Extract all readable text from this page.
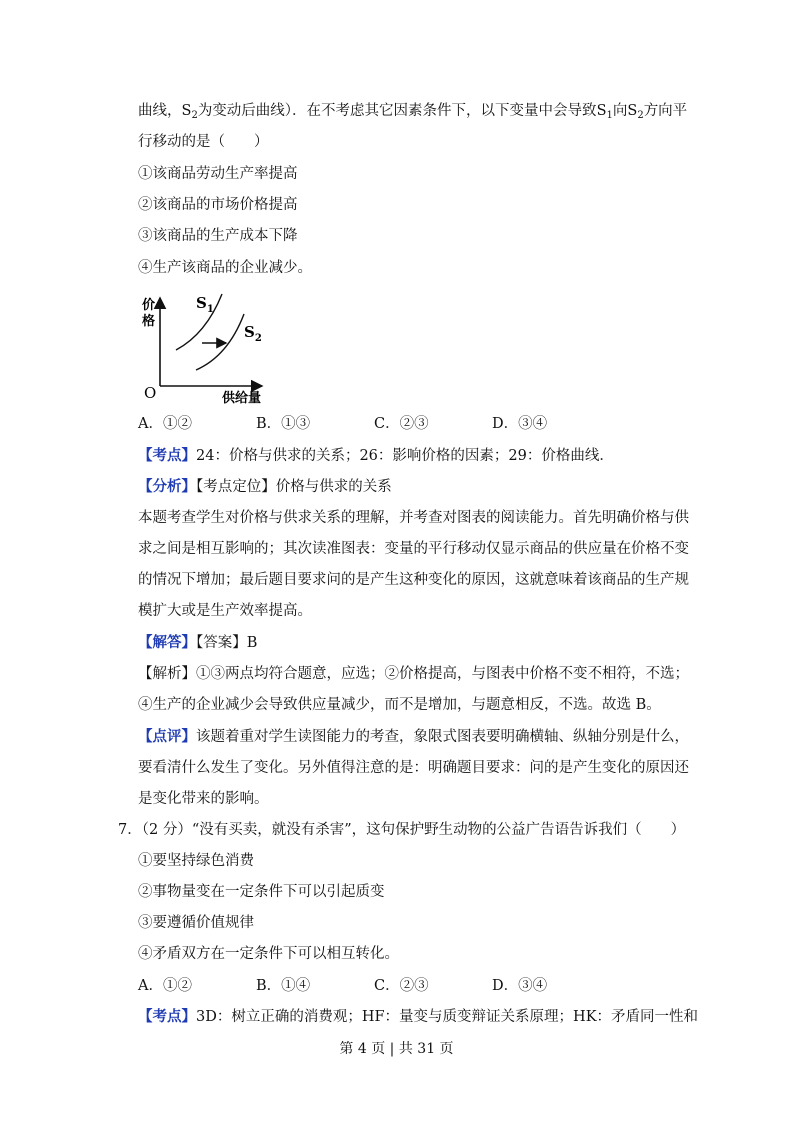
曲线，$S_2$为变动后曲线）．在不考虑其它因素条件下，以下变量中会导致$S_1$向$S_2$方向平
行移动的是（　　）
①该商品劳动生产率提高
②该商品的市场价格提高
③该商品的生产成本下降
④生产该商品的企业减少。
价
格
O	供给量
$S_1$
$S_2$
A．①②	B．①③	C．②③	D．③④
【考点】24：价格与供求的关系；26：影响价格的因素；29：价格曲线．
【分析】【考点定位】价格与供求的关系
本题考查学生对价格与供求关系的理解，并考查对图表的阅读能力。首先明确价格与供
求之间是相互影响的；其次读准图表：变量的平行移动仅显示商品的供应量在价格不变
的情况下增加；最后题目要求问的是产生这种变化的原因，这就意味着该商品的生产规
模扩大或是生产效率提高。
【解答】【答案】B
【解析】①③两点均符合题意，应选；②价格提高，与图表中价格不变不相符，不选；
④生产的企业减少会导致供应量减少，而不是增加，与题意相反，不选。故选 B。
【点评】该题着重对学生读图能力的考查，象限式图表要明确横轴、纵轴分别是什么，
要看清什么发生了变化。另外值得注意的是：明确题目要求：问的是产生变化的原因还
是变化带来的影响。
7．（2 分）“没有买卖，就没有杀害”，这句保护野生动物的公益广告语告诉我们（　　）
①要坚持绿色消费
②事物量变在一定条件下可以引起质变
③要遵循价值规律
④矛盾双方在一定条件下可以相互转化。
A．①②	B．①④	C．②③	D．③④
【考点】3D：树立正确的消费观；HF：量变与质变辩证关系原理；HK：矛盾同一性和
第 4 页 | 共 31 页
